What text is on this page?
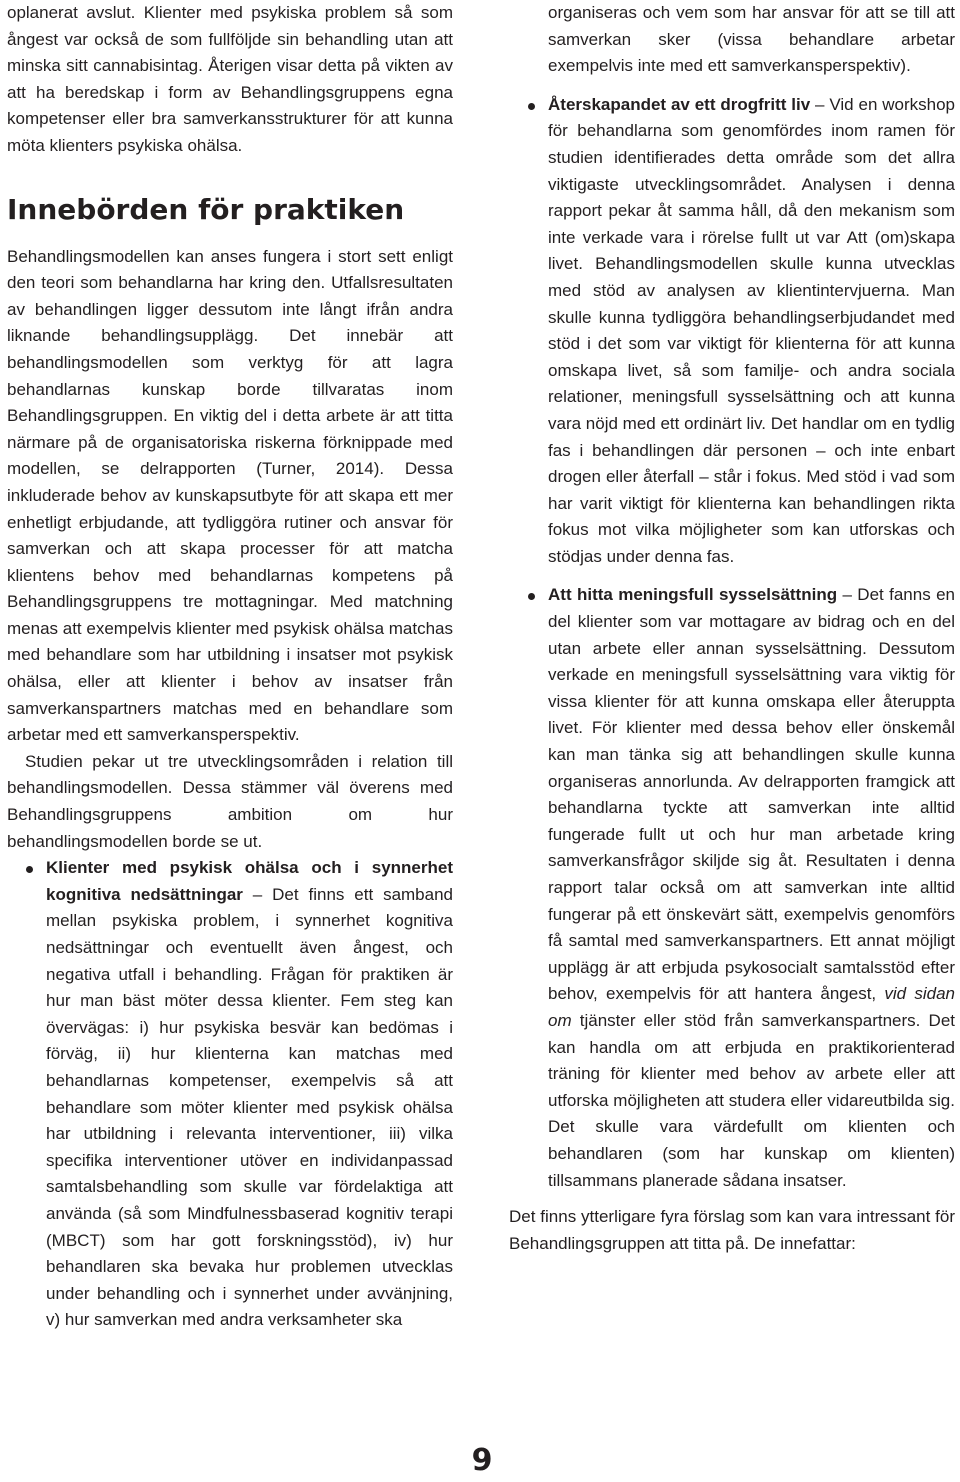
oplanerat avslut. Klienter med psykiska problem så som ångest var också de som fullföljde sin behandling utan att minska sitt cannabisintag. Återigen visar detta på vikten av att ha beredskap i form av Behandlingsgruppens egna kompetenser eller bra samverkansstrukturer för att kunna möta klienters psykiska ohälsa.

Innebörden för praktiken

Behandlingsmodellen kan anses fungera i stort sett enligt den teori som behandlarna har kring den. Utfallsresultaten av behandlingen ligger dessutom inte långt ifrån andra liknande behandlingsupplägg. Det innebär att behandlingsmodellen som verktyg för att lagra behandlarnas kunskap borde tillvaratas inom Behandlingsgruppen. En viktig del i detta arbete är att titta närmare på de organisatoriska riskerna förknippade med modellen, se delrapporten (Turner, 2014). Dessa inkluderade behov av kunskapsutbyte för att skapa ett mer enhetligt erbjudande, att tydliggöra rutiner och ansvar för samverkan och att skapa processer för att matcha klientens behov med behandlarnas kompetens på Behandlingsgruppens tre mottagningar. Med matchning menas att exempelvis klienter med psykisk ohälsa matchas med behandlare som har utbildning i insatser mot psykisk ohälsa, eller att klienter i behov av insatser från samverkanspartners matchas med en behandlare som arbetar med ett samverkansperspektiv.

Studien pekar ut tre utvecklingsområden i relation till behandlingsmodellen. Dessa stämmer väl överens med Behandlingsgruppens ambition om hur behandlingsmodellen borde se ut.

Klienter med psykisk ohälsa och i synnerhet kognitiva nedsättningar – Det finns ett samband mellan psykiska problem, i synnerhet kognitiva nedsättningar och eventuellt även ångest, och negativa utfall i behandling. Frågan för praktiken är hur man bäst möter dessa klienter. Fem steg kan övervägas: i) hur psykiska besvär kan bedömas i förväg, ii) hur klienterna kan matchas med behandlarnas kompetenser, exempelvis så att behandlare som möter klienter med psykisk ohälsa har utbildning i relevanta interventioner, iii) vilka specifika interventioner utöver en individanpassad samtalsbehandling som skulle var fördelaktiga att använda (så som Mindfulnessbaserad kognitiv terapi (MBCT) som har gott forskningsstöd), iv) hur behandlaren ska bevaka hur problemen utvecklas under behandling och i synnerhet under avvänjning, v) hur samverkan med andra verksamheter ska

organiseras och vem som har ansvar för att se till att samverkan sker (vissa behandlare arbetar exempelvis inte med ett samverkansperspektiv).

Återskapandet av ett drogfritt liv – Vid en workshop för behandlarna som genomfördes inom ramen för studien identifierades detta område som det allra viktigaste utvecklingsområdet. Analysen i denna rapport pekar åt samma håll, då den mekanism som inte verkade vara i rörelse fullt ut var Att (om)skapa livet. Behandlingsmodellen skulle kunna utvecklas med stöd av analysen av klientintervjuerna. Man skulle kunna tydliggöra behandlingserbjudandet med stöd i det som var viktigt för klienterna för att kunna omskapa livet, så som familje- och andra sociala relationer, meningsfull sysselsättning och att kunna vara nöjd med ett ordinärt liv. Det handlar om en tydlig fas i behandlingen där personen – och inte enbart drogen eller återfall – står i fokus. Med stöd i vad som har varit viktigt för klienterna kan behandlingen rikta fokus mot vilka möjligheter som kan utforskas och stödjas under denna fas.
Att hitta meningsfull sysselsättning – Det fanns en del klienter som var mottagare av bidrag och en del utan arbete eller annan sysselsättning. Dessutom verkade en meningsfull sysselsättning vara viktig för vissa klienter för att kunna omskapa eller återuppta livet. För klienter med dessa behov eller önskemål kan man tänka sig att behandlingen skulle kunna organiseras annorlunda. Av delrapporten framgick att behandlarna tyckte att samverkan inte alltid fungerade fullt ut och hur man arbetade kring samverkansfrågor skiljde sig åt. Resultaten i denna rapport talar också om att samverkan inte alltid fungerar på ett önskevärt sätt, exempelvis genomförs få samtal med samverkanspartners. Ett annat möjligt upplägg är att erbjuda psykosocialt samtalsstöd efter behov, exempelvis för att hantera ångest, vid sidan om tjänster eller stöd från samverkanspartners. Det kan handla om att erbjuda en praktikorienterad träning för klienter med behov av arbete eller att utforska möjligheten att studera eller vidareutbilda sig. Det skulle vara värdefullt om klienten och behandlaren (som har kunskap om klienten) tillsammans planerade sådana insatser.

Det finns ytterligare fyra förslag som kan vara intressant för Behandlingsgruppen att titta på. De innefattar:

9
